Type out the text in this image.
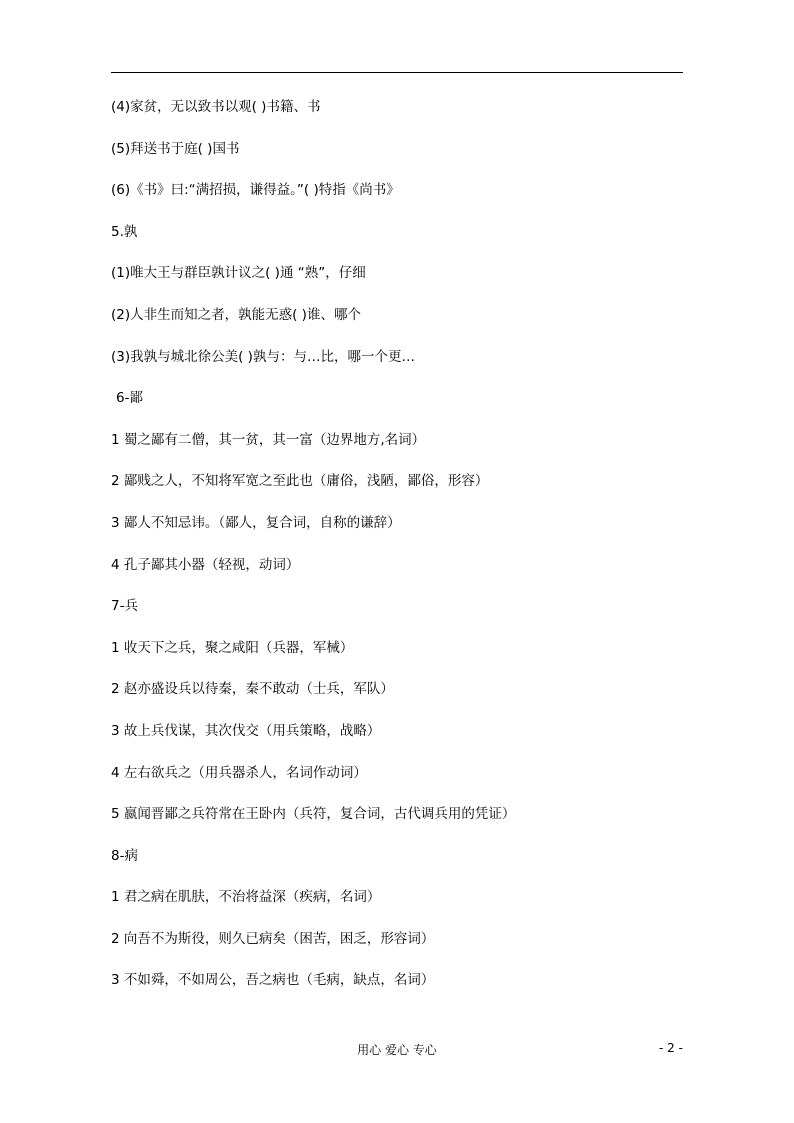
(4)家贫，无以致书以观( )书籍、书
(5)拜送书于庭( )国书
(6)《书》曰:“满招损，谦得益。”( )特指《尚书》
5.孰
(1)唯大王与群臣孰计议之( )通 “熟”，仔细
(2)人非生而知之者，孰能无惑( )谁、哪个
(3)我孰与城北徐公美( )孰与：与…比，哪一个更…
6-鄙
1 蜀之鄙有二僧，其一贫，其一富（边界地方,名词）
2 鄙贱之人，不知将军宽之至此也（庸俗，浅陋，鄙俗，形容）
3 鄙人不知忌讳。（鄙人，复合词，自称的谦辞）
4 孔子鄙其小器（轻视，动词）
7-兵
1 收天下之兵，聚之咸阳（兵器，军械）
2 赵亦盛设兵以待秦，秦不敢动（士兵，军队）
3 故上兵伐谋，其次伐交（用兵策略，战略）
4 左右欲兵之（用兵器杀人，名词作动词）
5 嬴闻晋鄙之兵符常在王卧内（兵符，复合词，古代调兵用的凭证）
8-病
1 君之病在肌肤，不治将益深（疾病，名词）
2 向吾不为斯役，则久已病矣（困苦，困乏，形容词）
3 不如舜，不如周公，吾之病也（毛病，缺点，名词）
用心 爱心 专心	- 2 -
